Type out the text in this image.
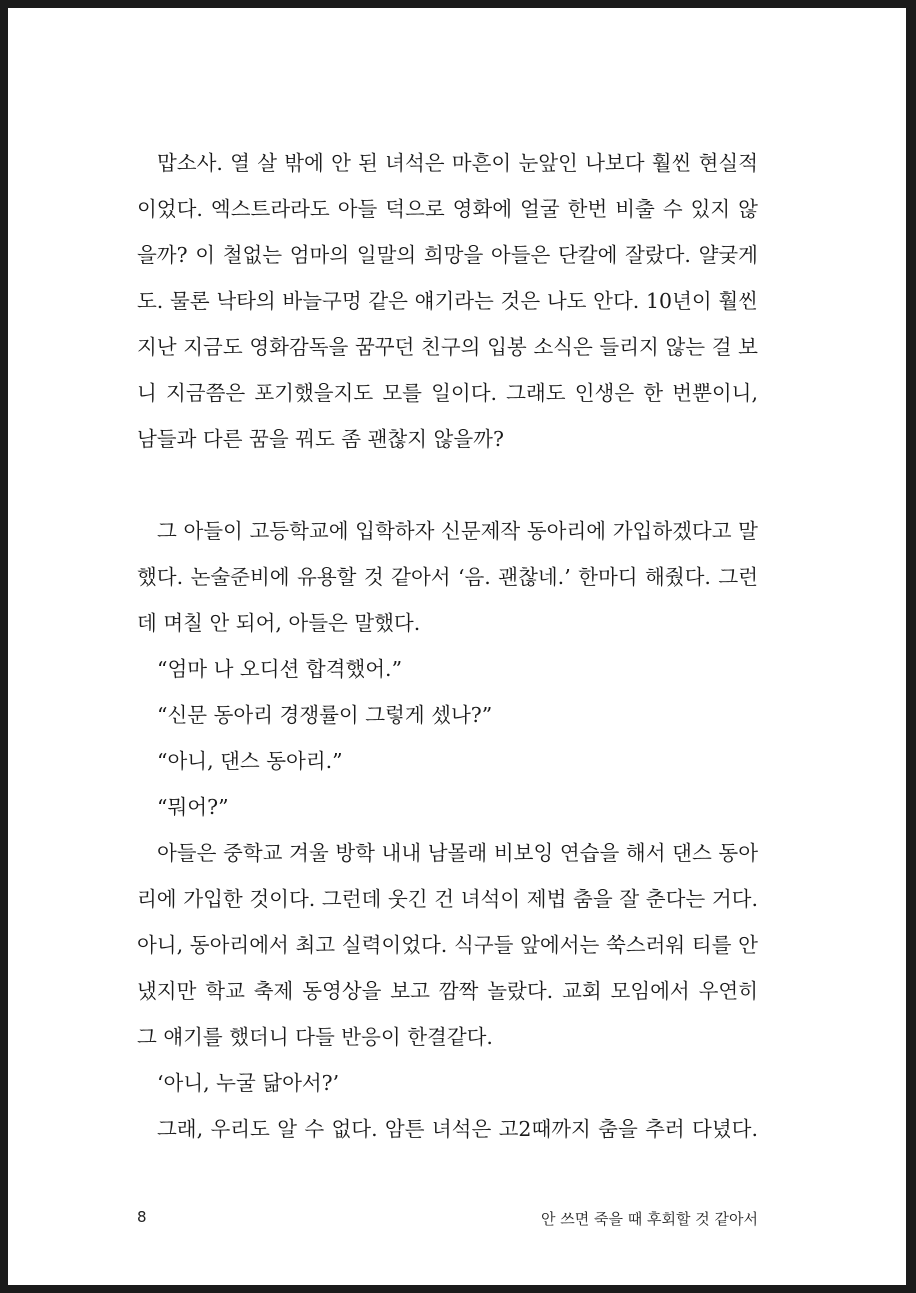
맙소사. 열 살 밖에 안 된 녀석은 마흔이 눈앞인 나보다 훨씬 현실적이었다. 엑스트라라도 아들 덕으로 영화에 얼굴 한번 비출 수 있지 않을까? 이 철없는 엄마의 일말의 희망을 아들은 단칼에 잘랐다. 얄궂게도. 물론 낙타의 바늘구멍 같은 얘기라는 것은 나도 안다. 10년이 훨씬 지난 지금도 영화감독을 꿈꾸던 친구의 입봉 소식은 들리지 않는 걸 보니 지금쯤은 포기했을지도 모를 일이다. 그래도 인생은 한 번뿐이니, 남들과 다른 꿈을 꿔도 좀 괜찮지 않을까?

그 아들이 고등학교에 입학하자 신문제작 동아리에 가입하겠다고 말했다. 논술준비에 유용할 것 같아서 ‘음. 괜찮네.’ 한마디 해줬다. 그런데 며칠 안 되어, 아들은 말했다.

“엄마 나 오디션 합격했어.”

“신문 동아리 경쟁률이 그렇게 셌나?”

“아니, 댄스 동아리.”

“뭐어?”

아들은 중학교 겨울 방학 내내 남몰래 비보잉 연습을 해서 댄스 동아리에 가입한 것이다. 그런데 웃긴 건 녀석이 제법 춤을 잘 춘다는 거다. 아니, 동아리에서 최고 실력이었다. 식구들 앞에서는 쑥스러워 티를 안 냈지만 학교 축제 동영상을 보고 깜짝 놀랐다. 교회 모임에서 우연히 그 얘기를 했더니 다들 반응이 한결같다.

‘아니, 누굴 닮아서?’

그래, 우리도 알 수 없다. 암튼 녀석은 고2때까지 춤을 추러 다녔다.

8	안 쓰면 죽을 때 후회할 것 같아서
